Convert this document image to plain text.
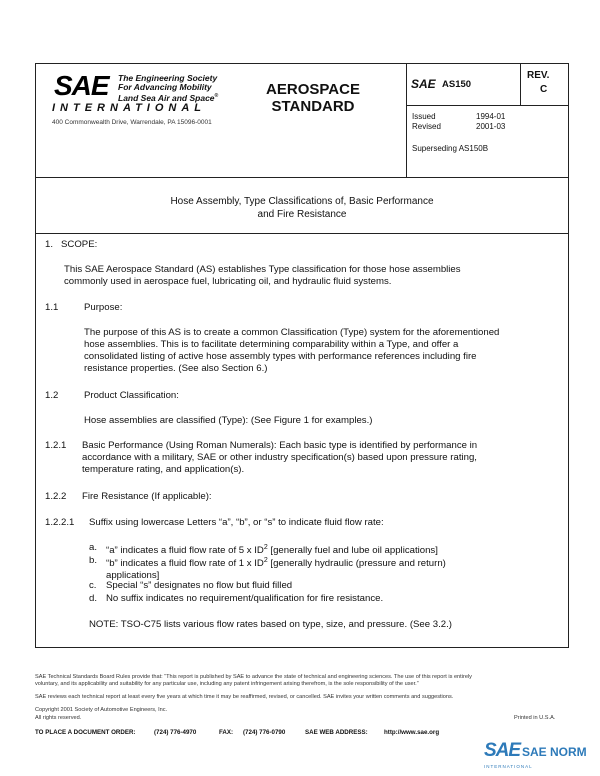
SAE The Engineering Society
For Advancing Mobility
Land Sea Air and Space®
INTERNATIONAL
400 Commonwealth Drive, Warrendale, PA 15096-0001
AEROSPACE
STANDARD
SAE AS150
REV.
C
Issued	1994-01
Revised	2001-03
Superseding AS150B
Hose Assembly, Type Classifications of, Basic Performance
and Fire Resistance
1. SCOPE:
This SAE Aerospace Standard (AS) establishes Type classification for those hose assemblies
commonly used in aerospace fuel, lubricating oil, and hydraulic fluid systems.
1.1	Purpose:
The purpose of this AS is to create a common Classification (Type) system for the aforementioned
hose assemblies. This is to facilitate determining comparability within a Type, and offer a
consolidated listing of active hose assembly types with performance references including fire
resistance properties. (See also Section 6.)
1.2	Product Classification:
Hose assemblies are classified (Type): (See Figure 1 for examples.)
1.2.1 Basic Performance (Using Roman Numerals): Each basic type is identified by performance in
accordance with a military, SAE or other industry specification(s) based upon pressure rating,
temperature rating, and application(s).
1.2.2 Fire Resistance (If applicable):
1.2.2.1 Suffix using lowercase Letters “a”, “b”, or “s” to indicate fluid flow rate:
a. “a” indicates a fluid flow rate of 5 x $ID^2$ [generally fuel and lube oil applications]
b. “b” indicates a fluid flow rate of 1 x $ID^2$ [generally hydraulic (pressure and return)
applications]
c. Special “s” designates no flow but fluid filled
d. No suffix indicates no requirement/qualification for fire resistance.
NOTE: TSO-C75 lists various flow rates based on type, size, and pressure. (See 3.2.)
SAE Technical Standards Board Rules provide that: “This report is published by SAE to advance the state of technical and engineering sciences. The use of this report is entirely
voluntary, and its applicability and suitability for any particular use, including any patent infringement arising therefrom, is the sole responsibility of the user.”
SAE reviews each technical report at least every five years at which time it may be reaffirmed, revised, or cancelled. SAE invites your written comments and suggestions.
Copyright 2001 Society of Automotive Engineers, Inc.
All rights reserved.	Printed in U.S.A.
TO PLACE A DOCUMENT ORDER:	(724) 776-4970	FAX: (724) 776-0790	SAE WEB ADDRESS:	http://www.sae.org
SAE SAE NORM
INTERNATIONAL
